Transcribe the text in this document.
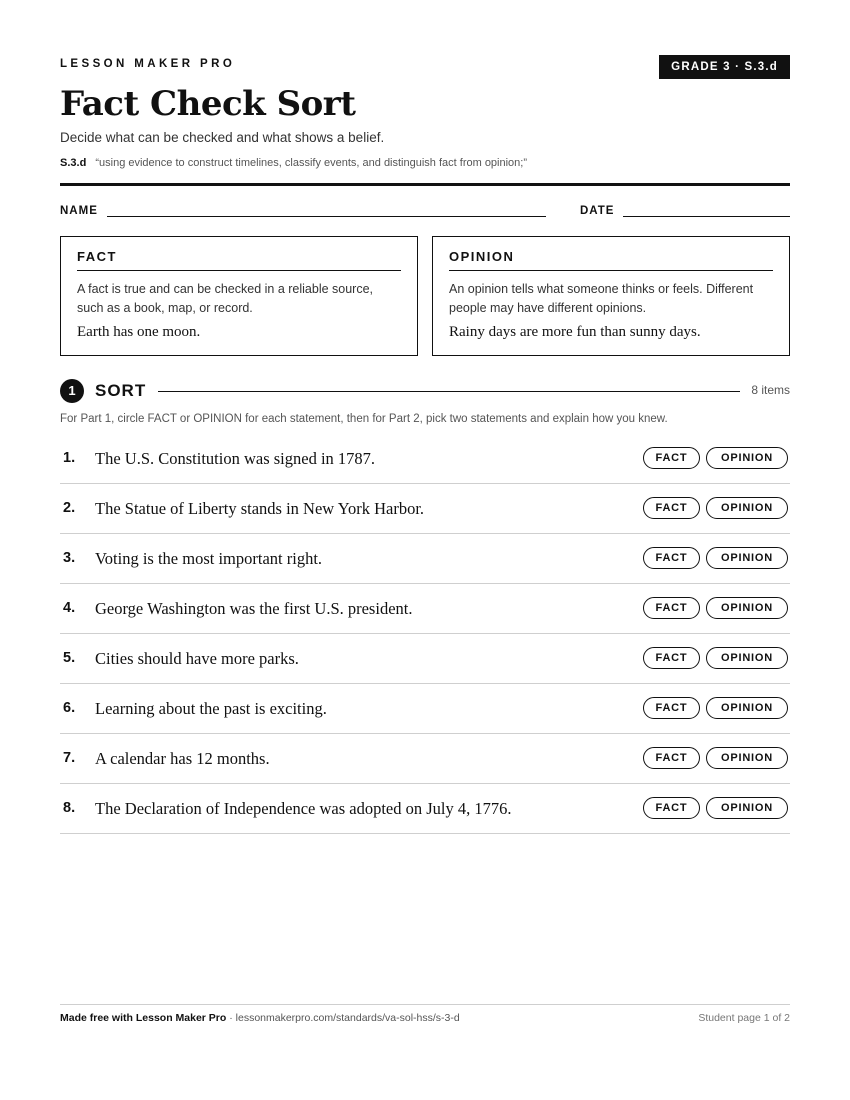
LESSON MAKER PRO	GRADE 3 · S.3.d
Fact Check Sort
Decide what can be checked and what shows a belief.
S.3.d “using evidence to construct timelines, classify events, and distinguish fact from opinion;”
NAME	DATE
FACT
A fact is true and can be checked in a reliable source, such as a book, map, or record.
Earth has one moon.
OPINION
An opinion tells what someone thinks or feels. Different people may have different opinions.
Rainy days are more fun than sunny days.
1	SORT	8 items
For Part 1, circle FACT or OPINION for each statement, then for Part 2, pick two statements and explain how you knew.
1. The U.S. Constitution was signed in 1787.	FACT	OPINION
2. The Statue of Liberty stands in New York Harbor.	FACT	OPINION
3. Voting is the most important right.	FACT	OPINION
4. George Washington was the first U.S. president.	FACT	OPINION
5. Cities should have more parks.	FACT	OPINION
6. Learning about the past is exciting.	FACT	OPINION
7. A calendar has 12 months.	FACT	OPINION
8. The Declaration of Independence was adopted on July 4, 1776.	FACT	OPINION
Made free with Lesson Maker Pro · lessonmakerpro.com/standards/va-sol-hss/s-3-d	Student page 1 of 2
